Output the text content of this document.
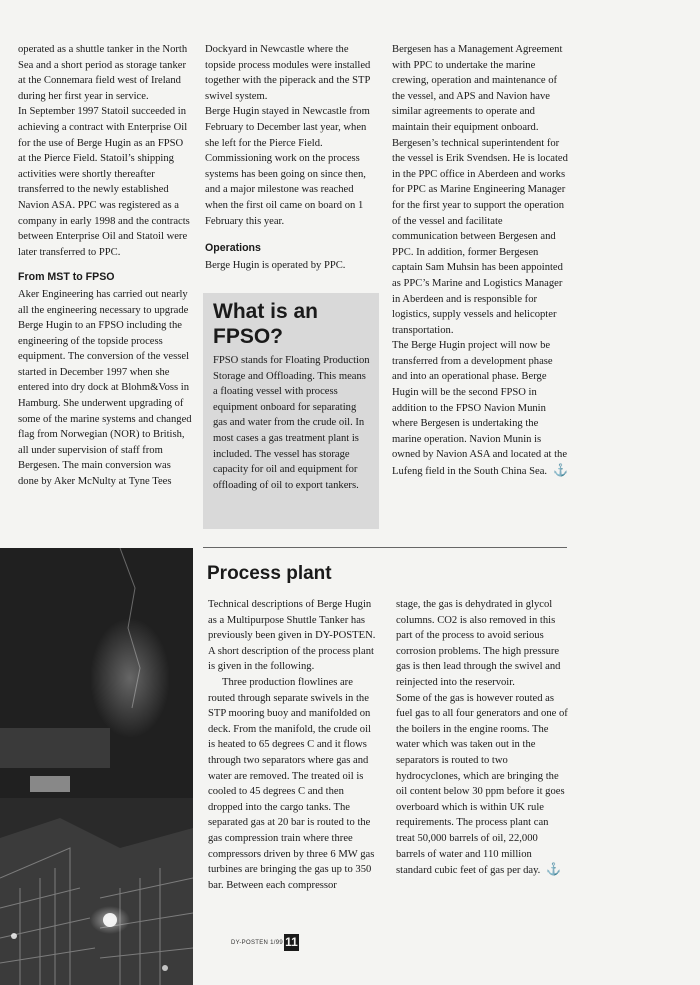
operated as a shuttle tanker in the North Sea and a short period as storage tanker at the Connemara field west of Ireland during her first year in service.

In September 1997 Statoil succeeded in achieving a contract with Enterprise Oil for the use of Berge Hugin as an FPSO at the Pierce Field. Statoil’s shipping activities were shortly thereafter transferred to the newly established Navion ASA. PPC was registered as a company in early 1998 and the contracts between Enterprise Oil and Statoil were later transferred to PPC.

From MST to FPSO

Aker Engineering has carried out nearly all the engineering necessary to upgrade Berge Hugin to an FPSO including the engineering of the topside process equipment. The conversion of the vessel started in December 1997 when she entered into dry dock at Blohm&Voss in Hamburg. She underwent upgrading of some of the marine systems and changed flag from Norwegian (NOR) to British, all under supervision of staff from Bergesen. The main conversion was done by Aker McNulty at Tyne Tees

Dockyard in Newcastle where the topside process modules were installed together with the piperack and the STP swivel system.

Berge Hugin stayed in Newcastle from February to December last year, when she left for the Pierce Field. Commissioning work on the process systems has been going on since then, and a major milestone was reached when the first oil came on board on 1 February this year.

Operations

Berge Hugin is operated by PPC.

What is an
FPSO?
FPSO stands for Floating Production Storage and Offloading. This means a floating vessel with process equipment onboard for separating gas and water from the crude oil. In most cases a gas treatment plant is included. The vessel has storage capacity for oil and equipment for offloading of oil to export tankers.

Bergesen has a Management Agreement with PPC to undertake the marine crewing, operation and maintenance of the vessel, and APS and Navion have similar agreements to operate and maintain their equipment onboard.

Bergesen’s technical superintendent for the vessel is Erik Svendsen. He is located in the PPC office in Aberdeen and works for PPC as Marine Engineering Manager for the first year to support the operation of the vessel and facilitate communication between Bergesen and PPC. In addition, former Bergesen captain Sam Muhsin has been appointed as PPC’s Marine and Logistics Manager in Aberdeen and is responsible for logistics, supply vessels and helicopter transportation.

The Berge Hugin project will now be transferred from a development phase and into an operational phase. Berge Hugin will be the second FPSO in addition to the FPSO Navion Munin where Bergesen is undertaking the marine operation. Navion Munin is owned by Navion ASA and located at the Lufeng field in the South China Sea. ⚓

Process plant

Technical descriptions of Berge Hugin as a Multipurpose Shuttle Tanker has previously been given in DY-POSTEN. A short description of the process plant is given in the following.

Three production flowlines are routed through separate swivels in the STP mooring buoy and manifolded on deck. From the manifold, the crude oil is heated to 65 degrees C and it flows through two separators where gas and water are removed. The treated oil is cooled to 45 degrees C and then dropped into the cargo tanks. The separated gas at 20 bar is routed to the gas compression train where three compressors driven by three 6 MW gas turbines are bringing the gas up to 350 bar. Between each compressor

stage, the gas is dehydrated in glycol columns. CO2 is also removed in this part of the process to avoid serious corrosion problems. The high pressure gas is then lead through the swivel and reinjected into the reservoir.

Some of the gas is however routed as fuel gas to all four generators and one of the boilers in the engine rooms. The water which was taken out in the separators is routed to two hydrocyclones, which are bringing the oil content below 30 ppm before it goes overboard which is within UK rule requirements. The process plant can treat 50,000 barrels of oil, 22,000 barrels of water and 110 million standard cubic feet of gas per day. ⚓

DY-POSTEN 1/99 11
